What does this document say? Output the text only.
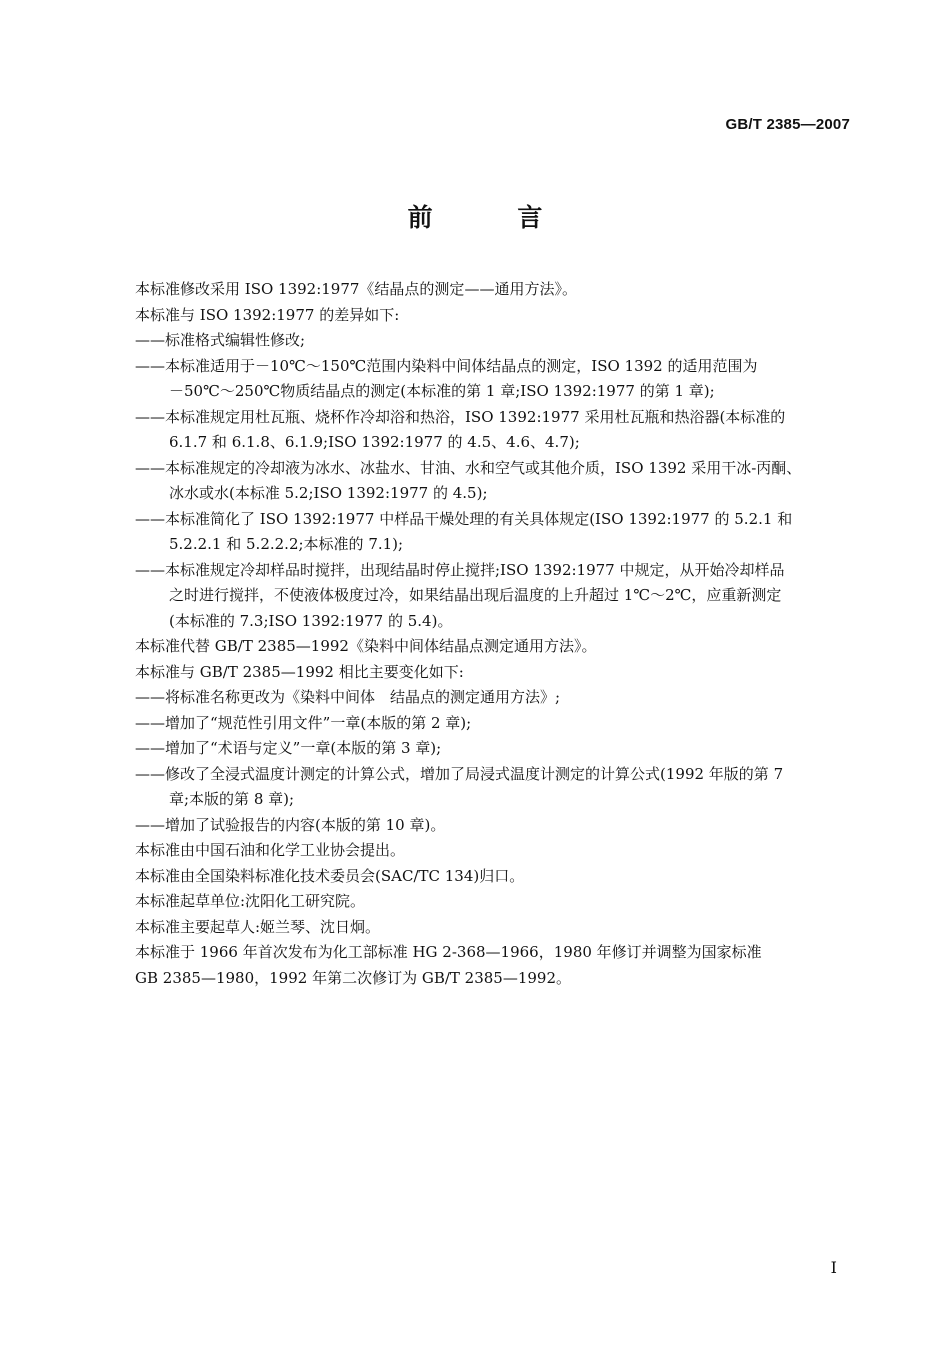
GB/T 2385—2007
前 言

本标准修改采用 ISO 1392:1977《结晶点的测定——通用方法》。

本标准与 ISO 1392:1977 的差异如下:

——标准格式编辑性修改;

——本标准适用于－10℃～150℃范围内染料中间体结晶点的测定，ISO 1392 的适用范围为

－50℃～250℃物质结晶点的测定(本标准的第 1 章;ISO 1392:1977 的第 1 章);

——本标准规定用杜瓦瓶、烧杯作冷却浴和热浴，ISO 1392:1977 采用杜瓦瓶和热浴器(本标准的

6.1.7 和 6.1.8、6.1.9;ISO 1392:1977 的 4.5、4.6、4.7);

——本标准规定的冷却液为冰水、冰盐水、甘油、水和空气或其他介质，ISO 1392 采用干冰-丙酮、

冰水或水(本标准 5.2;ISO 1392:1977 的 4.5);

——本标准简化了 ISO 1392:1977 中样品干燥处理的有关具体规定(ISO 1392:1977 的 5.2.1 和

5.2.2.1 和 5.2.2.2;本标准的 7.1);

——本标准规定冷却样品时搅拌，出现结晶时停止搅拌;ISO 1392:1977 中规定，从开始冷却样品

之时进行搅拌，不使液体极度过冷，如果结晶出现后温度的上升超过 1℃～2℃，应重新测定

(本标准的 7.3;ISO 1392:1977 的 5.4)。

本标准代替 GB/T 2385—1992《染料中间体结晶点测定通用方法》。

本标准与 GB/T 2385—1992 相比主要变化如下:

——将标准名称更改为《染料中间体　结晶点的测定通用方法》;

——增加了“规范性引用文件”一章(本版的第 2 章);

——增加了“术语与定义”一章(本版的第 3 章);

——修改了全浸式温度计测定的计算公式，增加了局浸式温度计测定的计算公式(1992 年版的第 7

章;本版的第 8 章);

——增加了试验报告的内容(本版的第 10 章)。

本标准由中国石油和化学工业协会提出。

本标准由全国染料标准化技术委员会(SAC/TC 134)归口。

本标准起草单位:沈阳化工研究院。

本标准主要起草人:姬兰琴、沈日炯。

本标准于 1966 年首次发布为化工部标准 HG 2-368—1966，1980 年修订并调整为国家标准

GB 2385—1980，1992 年第二次修订为 GB/T 2385—1992。

I
